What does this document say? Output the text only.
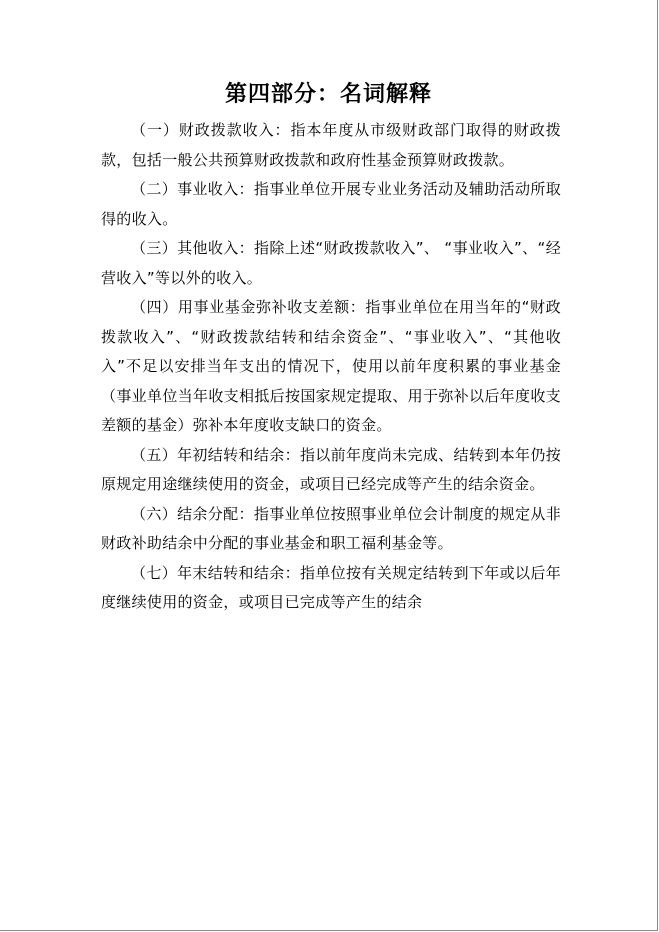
第四部分：名词解释

（一）财政拨款收入：指本年度从市级财政部门取得的财政拨款，包括一般公共预算财政拨款和政府性基金预算财政拨款。

（二）事业收入：指事业单位开展专业业务活动及辅助活动所取得的收入。

（三）其他收入：指除上述“财政拨款收入”、 “事业收入”、“经营收入”等以外的收入。

（四）用事业基金弥补收支差额：指事业单位在用当年的“财政拨款收入”、“财政拨款结转和结余资金”、“事业收入”、“其他收入”不足以安排当年支出的情况下，使用以前年度积累的事业基金（事业单位当年收支相抵后按国家规定提取、用于弥补以后年度收支差额的基金）弥补本年度收支缺口的资金。

（五）年初结转和结余：指以前年度尚未完成、结转到本年仍按原规定用途继续使用的资金，或项目已经完成等产生的结余资金。

（六）结余分配：指事业单位按照事业单位会计制度的规定从非财政补助结余中分配的事业基金和职工福利基金等。

（七）年末结转和结余：指单位按有关规定结转到下年或以后年度继续使用的资金，或项目已完成等产生的结余
